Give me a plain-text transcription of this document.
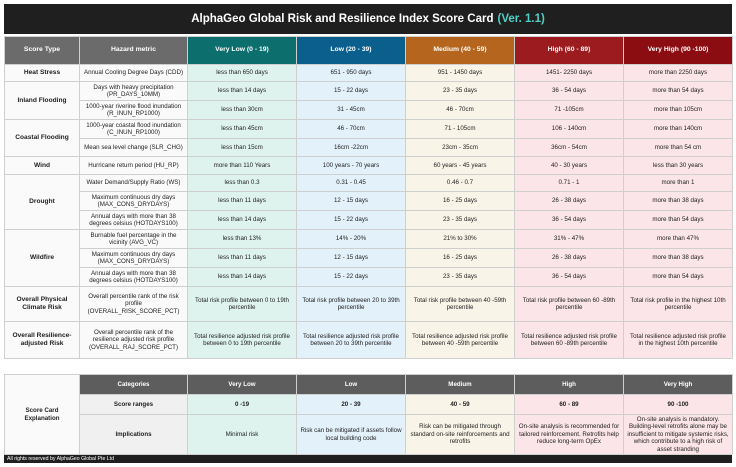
AlphaGeo Global Risk and Resilience Index Score Card (Ver. 1.1)
Score Type	Hazard metric	Very Low (0 - 19)	Low (20 - 39)	Medium (40 - 59)	High (60 - 89)	Very High (90 -100)
Heat Stress	Annual Cooling Degree Days (CDD)	less than 650 days	651 - 950 days	951 - 1450 days	1451- 2250 days	more than 2250 days
Inland Flooding	Days with heavy precipitation (PR_DAYS_10MM)	less than 14 days	15 - 22 days	23 - 35 days	36 - 54 days	more than 54 days
	1000-year riverine flood inundation (R_INUN_RP1000)	less than 30cm	31 - 45cm	46 - 70cm	71 -105cm	more than 105cm
Coastal Flooding	1000-year coastal flood inundation (C_INUN_RP1000)	less than 45cm	46 - 70cm	71 - 105cm	106 - 140cm	more than 140cm
	Mean sea level change (SLR_CHG)	less than 15cm	16cm -22cm	23cm - 35cm	36cm - 54cm	more than 54 cm
Wind	Hurricane return period (HU_RP)	more than 110 Years	100 years - 70 years	60 years - 45 years	40 - 30 years	less than 30 years
Drought	Water Demand/Supply Ratio (WS)	less than 0.3	0.31 - 0.45	0.46 - 0.7	0.71 - 1	more than 1
	Maximum continuous dry days (MAX_CONS_DRYDAYS)	less than 11 days	12 - 15 days	16 - 25 days	26 - 38 days	more than 38 days
	Annual days with more than 38 degrees celsius (HOTDAYS100)	less than 14 days	15 - 22 days	23 - 35 days	36 - 54 days	more than 54 days
Wildfire	Burnable fuel percentage in the vicinity (AVG_VC)	less than 13%	14% - 20%	21% to 30%	31% - 47%	more than 47%
	Maximum continuous dry days (MAX_CONS_DRYDAYS)	less than 11 days	12 - 15 days	16 - 25 days	26 - 38 days	more than 38 days
	Annual days with more than 38 degrees celsius (HOTDAYS100)	less than 14 days	15 - 22 days	23 - 35 days	36 - 54 days	more than 54 days
Overall Physical Climate Risk	Overall percentile rank of the risk profile (OVERALL_RISK_SCORE_PCT)	Total risk profile between 0 to 19th percentile	Total risk profile between 20 to 39th percentile	Total risk profile between 40 -59th percentile	Total risk profile between 60 -89th percentile	Total risk profile in the highest 10th percentile
Overall Resilience-adjusted Risk	Overall percentile rank of the resilience adjusted risk profile (OVERALL_RAJ_SCORE_PCT)	Total resilience adjusted risk profile between 0 to 19th percentile	Total resilience adjusted risk profile between 20 to 39th percentile	Total resilience adjusted risk profile between 40 -59th percentile	Total resilience adjusted risk profile between 60 -89th percentile	Total resilience adjusted risk profile in the highest 10th percentile
Score Card Explanation	Categories	Very Low	Low	Medium	High	Very High
	Score ranges	0 -19	20 - 39	40 - 59	60 - 89	90 -100
	Implications	Minimal risk	Risk can be mitigated if assets follow local building code	Risk can be mitigated through standard on-site reinforcements and retrofits	On-site analysis is recommended for tailored reinforcement. Retrofits help reduce long-term OpEx	On-site analysis is mandatory. Building-level retrofits alone may be insufficient to mitigate systemic risks, which contribute to a high risk of asset stranding
All rights reserved by AlphaGeo Global Pte Ltd
